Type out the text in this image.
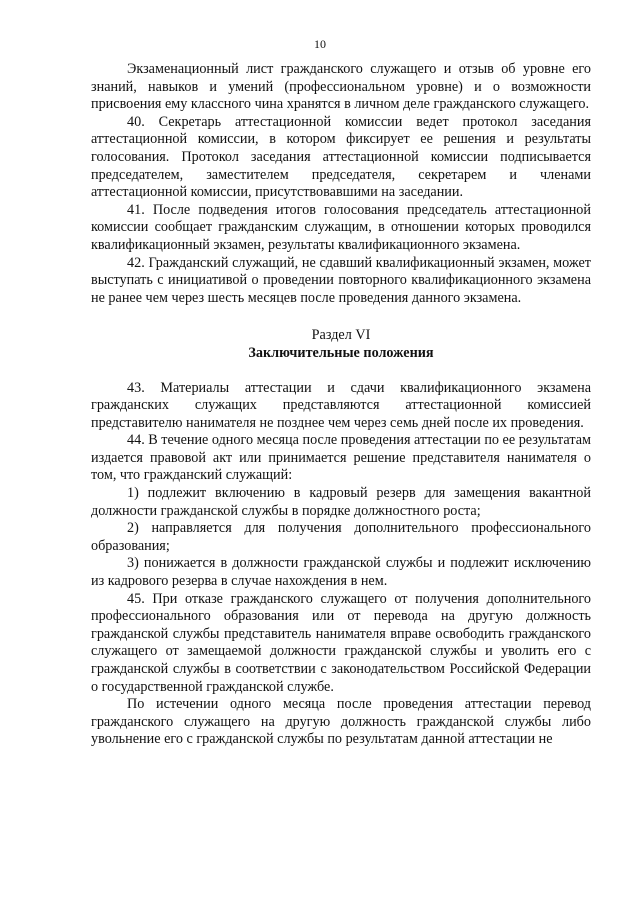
10

Экзаменационный лист гражданского служащего и отзыв об уровне его знаний, навыков и умений (профессиональном уровне) и о возможности присвоения ему классного чина хранятся в личном деле гражданского служащего.

40. Секретарь аттестационной комиссии ведет протокол заседания аттестационной комиссии, в котором фиксирует ее решения и результаты голосования. Протокол заседания аттестационной комиссии подписывается председателем, заместителем председателя, секретарем и членами аттестационной комиссии, присутствовавшими на заседании.

41. После подведения итогов голосования председатель аттестационной комиссии сообщает гражданским служащим, в отношении которых проводился квалификационный экзамен, результаты квалификационного экзамена.

42. Гражданский служащий, не сдавший квалификационный экзамен, может выступать с инициативой о проведении повторного квалификационного экзамена не ранее чем через шесть месяцев после проведения данного экзамена.

Раздел VI

Заключительные положения

43. Материалы аттестации и сдачи квалификационного экзамена гражданских служащих представляются аттестационной комиссией представителю нанимателя не позднее чем через семь дней после их проведения.

44. В течение одного месяца после проведения аттестации по ее результатам издается правовой акт или принимается решение представителя нанимателя о том, что гражданский служащий:

1) подлежит включению в кадровый резерв для замещения вакантной должности гражданской службы в порядке должностного роста;

2) направляется для получения дополнительного профессионального образования;

3) понижается в должности гражданской службы и подлежит исключению из кадрового резерва в случае нахождения в нем.

45. При отказе гражданского служащего от получения дополнительного профессионального образования или от перевода на другую должность гражданской службы представитель нанимателя вправе освободить гражданского служащего от замещаемой должности гражданской службы и уволить его с гражданской службы в соответствии с законодательством Российской Федерации о государственной гражданской службе.

По истечении одного месяца после проведения аттестации перевод гражданского служащего на другую должность гражданской службы либо увольнение его с гражданской службы по результатам данной аттестации не
